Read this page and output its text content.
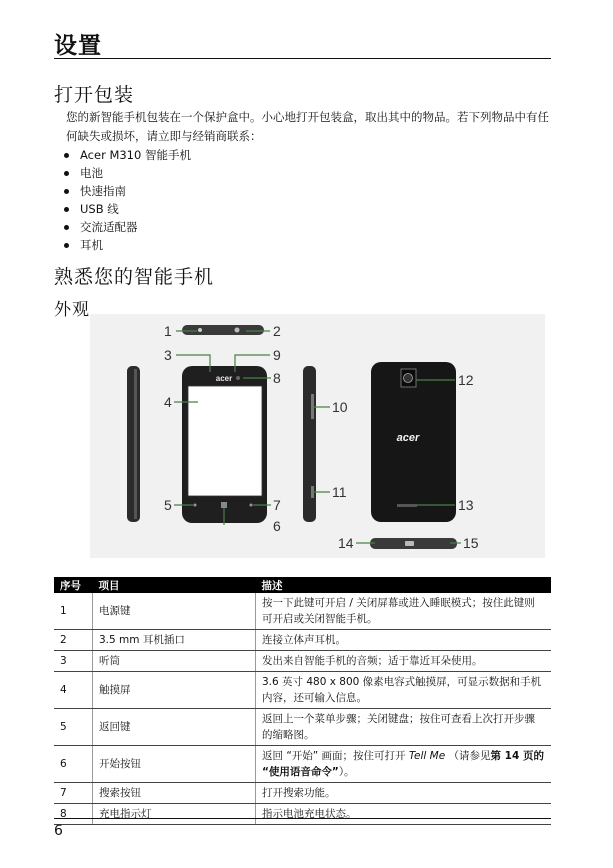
设置
打开包装
您的新智能手机包装在一个保护盒中。小心地打开包装盒，取出其中的物品。若下列物品中有任何缺失或损坏，请立即与经销商联系：
Acer M310 智能手机
电池
快速指南
USB 线
交流适配器
耳机
熟悉您的智能手机
外观
acer
acer
1	2
3
4
5
6
7
8
9
10
11
12
13
14	15
序号	项目	描述
1	电源键	按一下此键可开启 / 关闭屏幕或进入睡眠模式；按住此键则可开启或关闭智能手机。
2	3.5 mm 耳机插口	连接立体声耳机。
3	听筒	发出来自智能手机的音频；适于靠近耳朵使用。
4	触摸屏	3.6 英寸 480 x 800 像素电容式触摸屏，可显示数据和手机内容，还可输入信息。
5	返回键	返回上一个菜单步骤；关闭键盘；按住可查看上次打开步骤的缩略图。
6	开始按钮	返回 “开始” 画面；按住可打开 Tell Me （请参见第 14 页的 “使用语音命令”）。
7	搜索按钮	打开搜索功能。
8	充电指示灯	指示电池充电状态。
6
